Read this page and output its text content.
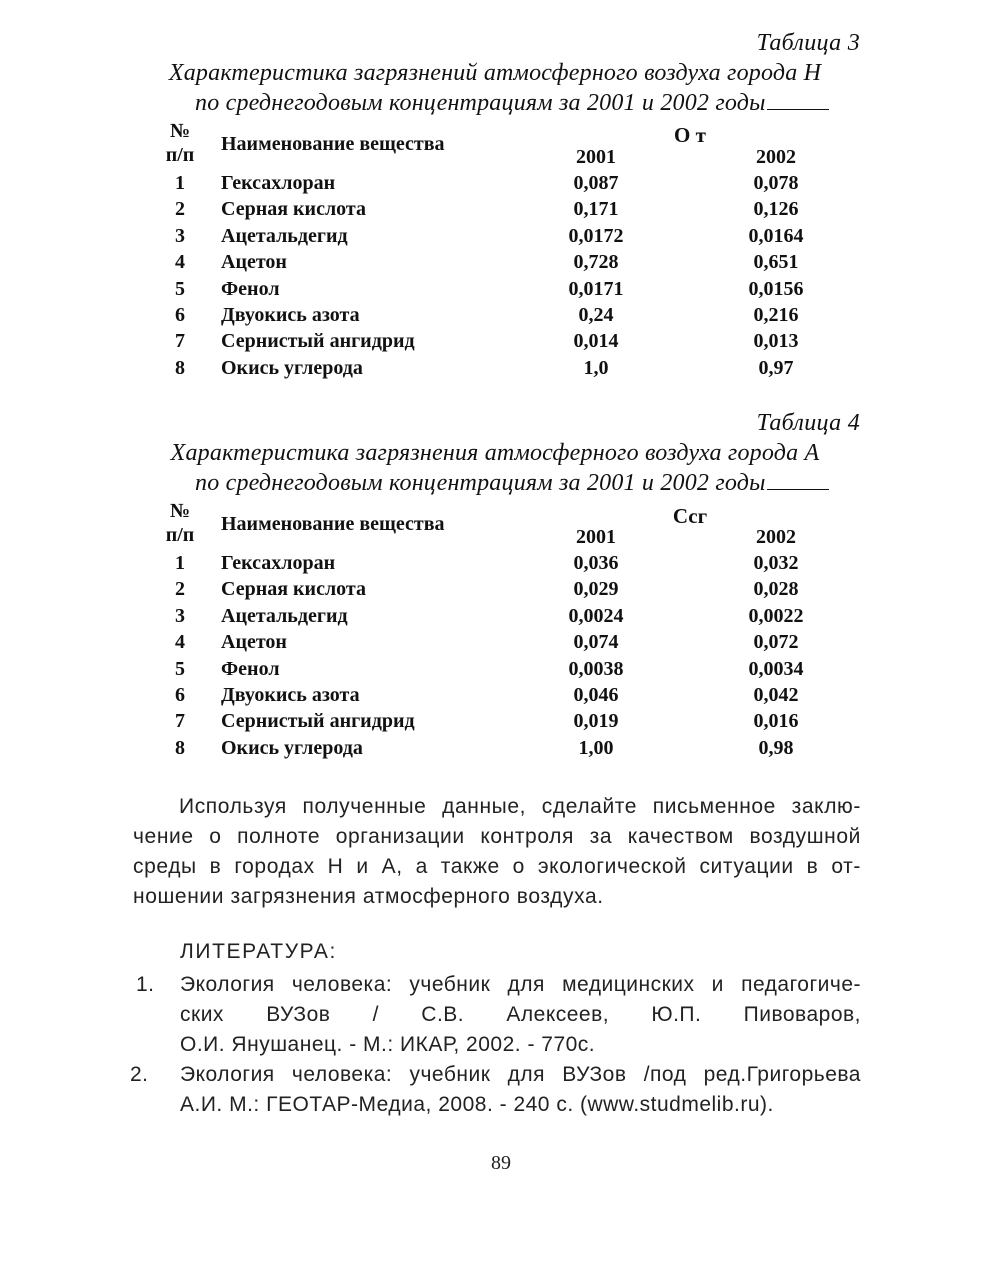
Таблица 3
Характеристика загрязнений атмосферного воздуха города Н
по среднегодовым концентрациям за 2001 и 2002 годы
№
п/п	Наименование вещества	О т
2001	2002
1	Гексахлоран	0,087	0,078
2	Серная кислота	0,171	0,126
3	Ацетальдегид	0,0172	0,0164
4	Ацетон	0,728	0,651
5	Фенол	0,0171	0,0156
6	Двуокись азота	0,24	0,216
7	Сернистый ангидрид	0,014	0,013
8	Окись углерода	1,0	0,97
Таблица 4
Характеристика загрязнения атмосферного воздуха города А
по среднегодовым концентрациям за 2001 и 2002 годы
№
п/п	Наименование вещества	Ссг
2001	2002
1	Гексахлоран	0,036	0,032
2	Серная кислота	0,029	0,028
3	Ацетальдегид	0,0024	0,0022
4	Ацетон	0,074	0,072
5	Фенол	0,0038	0,0034
6	Двуокись азота	0,046	0,042
7	Сернистый ангидрид	0,019	0,016
8	Окись углерода	1,00	0,98
Используя полученные данные, сделайте письменное заклю-
чение о полноте организации контроля за качеством воздушной
среды в городах Н и А, а также о экологической ситуации в от-
ношении загрязнения атмосферного воздуха.
ЛИТЕРАТУРА:
1. Экология человека: учебник для медицинских и педагогиче-
ских ВУЗов / С.В. Алексеев, Ю.П. Пивоваров,
О.И. Янушанец. - М.: ИКАР, 2002. - 770с.
2. Экология человека: учебник для ВУЗов /под ред.Григорьева
А.И. М.: ГЕОТАР-Медиа, 2008. - 240 с. (www.studmelib.ru).
89
